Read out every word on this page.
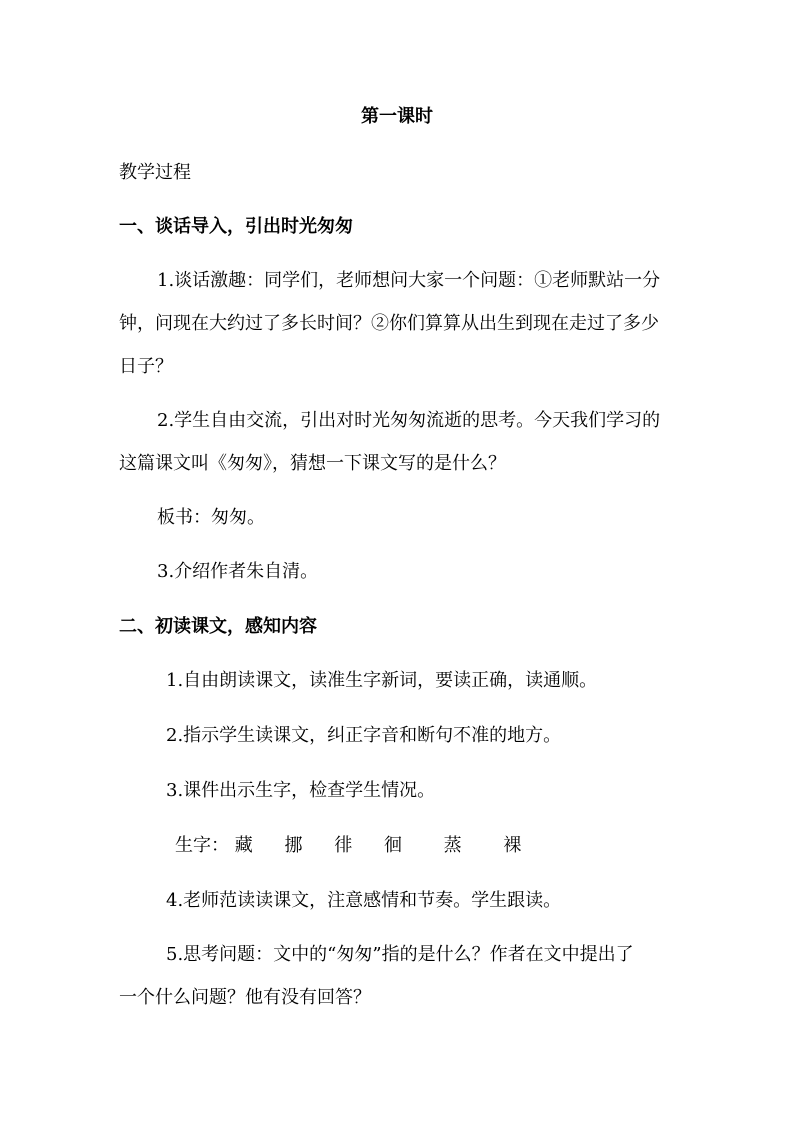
第一课时

教学过程

一、谈话导入，引出时光匆匆

1.谈话激趣：同学们，老师想问大家一个问题：①老师默站一分

钟，问现在大约过了多长时间？②你们算算从出生到现在走过了多少

日子？

2.学生自由交流，引出对时光匆匆流逝的思考。今天我们学习的

这篇课文叫《匆匆》，猜想一下课文写的是什么？

板书：匆匆。

3.介绍作者朱自清。

二、初读课文，感知内容

1.自由朗读课文，读准生字新词，要读正确，读通顺。

2.指示学生读课文，纠正字音和断句不准的地方。

3.课件出示生字，检查学生情况。

生字： 藏 挪 徘 徊 蒸 裸

4.老师范读读课文，注意感情和节奏。学生跟读。

5.思考问题：文中的“匆匆”指的是什么？作者在文中提出了

一个什么问题？他有没有回答？
